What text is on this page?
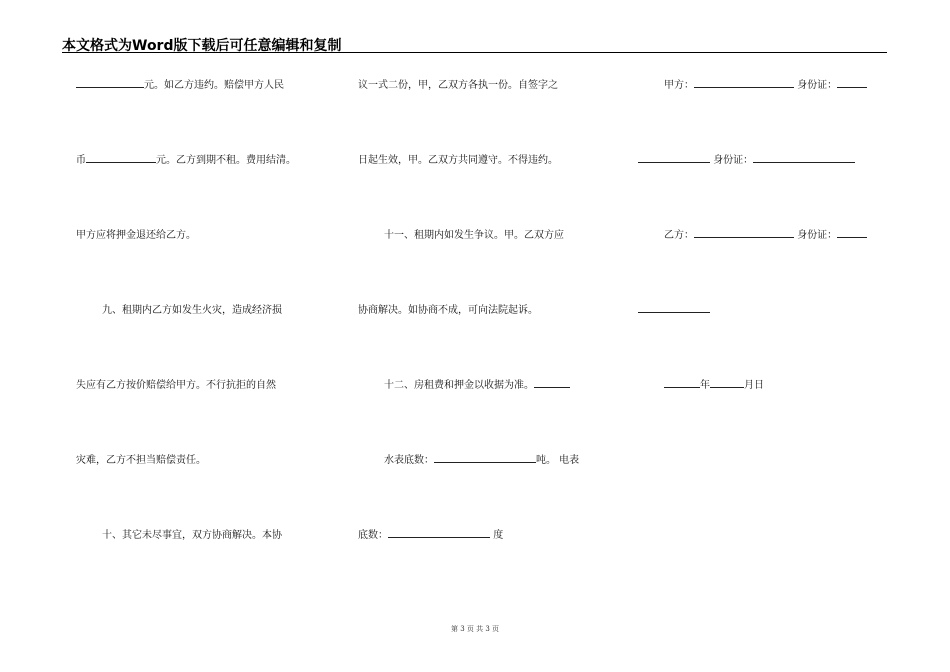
本文格式为Word版下载后可任意编辑和复制
元。如乙方违约。赔偿甲方人民
币	元。乙方到期不租。费用结清。
甲方应将押金退还给乙方。
九、租期内乙方如发生火灾，造成经济损
失应有乙方按价赔偿给甲方。不行抗拒的自然
灾难，乙方不担当赔偿责任。
十、其它未尽事宜，双方协商解决。本协
议一式二份，甲，乙双方各执一份。自签字之
日起生效，甲。乙双方共同遵守。不得违约。
十一、租期内如发生争议。甲。乙双方应
协商解决。如协商不成，可向法院起诉。
十二、房租费和押金以收据为准。
水表底数：	吨。 电表
底数：	度
甲方：	身份证：
身份证：
乙方：	身份证：
年	月日
第 3 页 共 3 页
